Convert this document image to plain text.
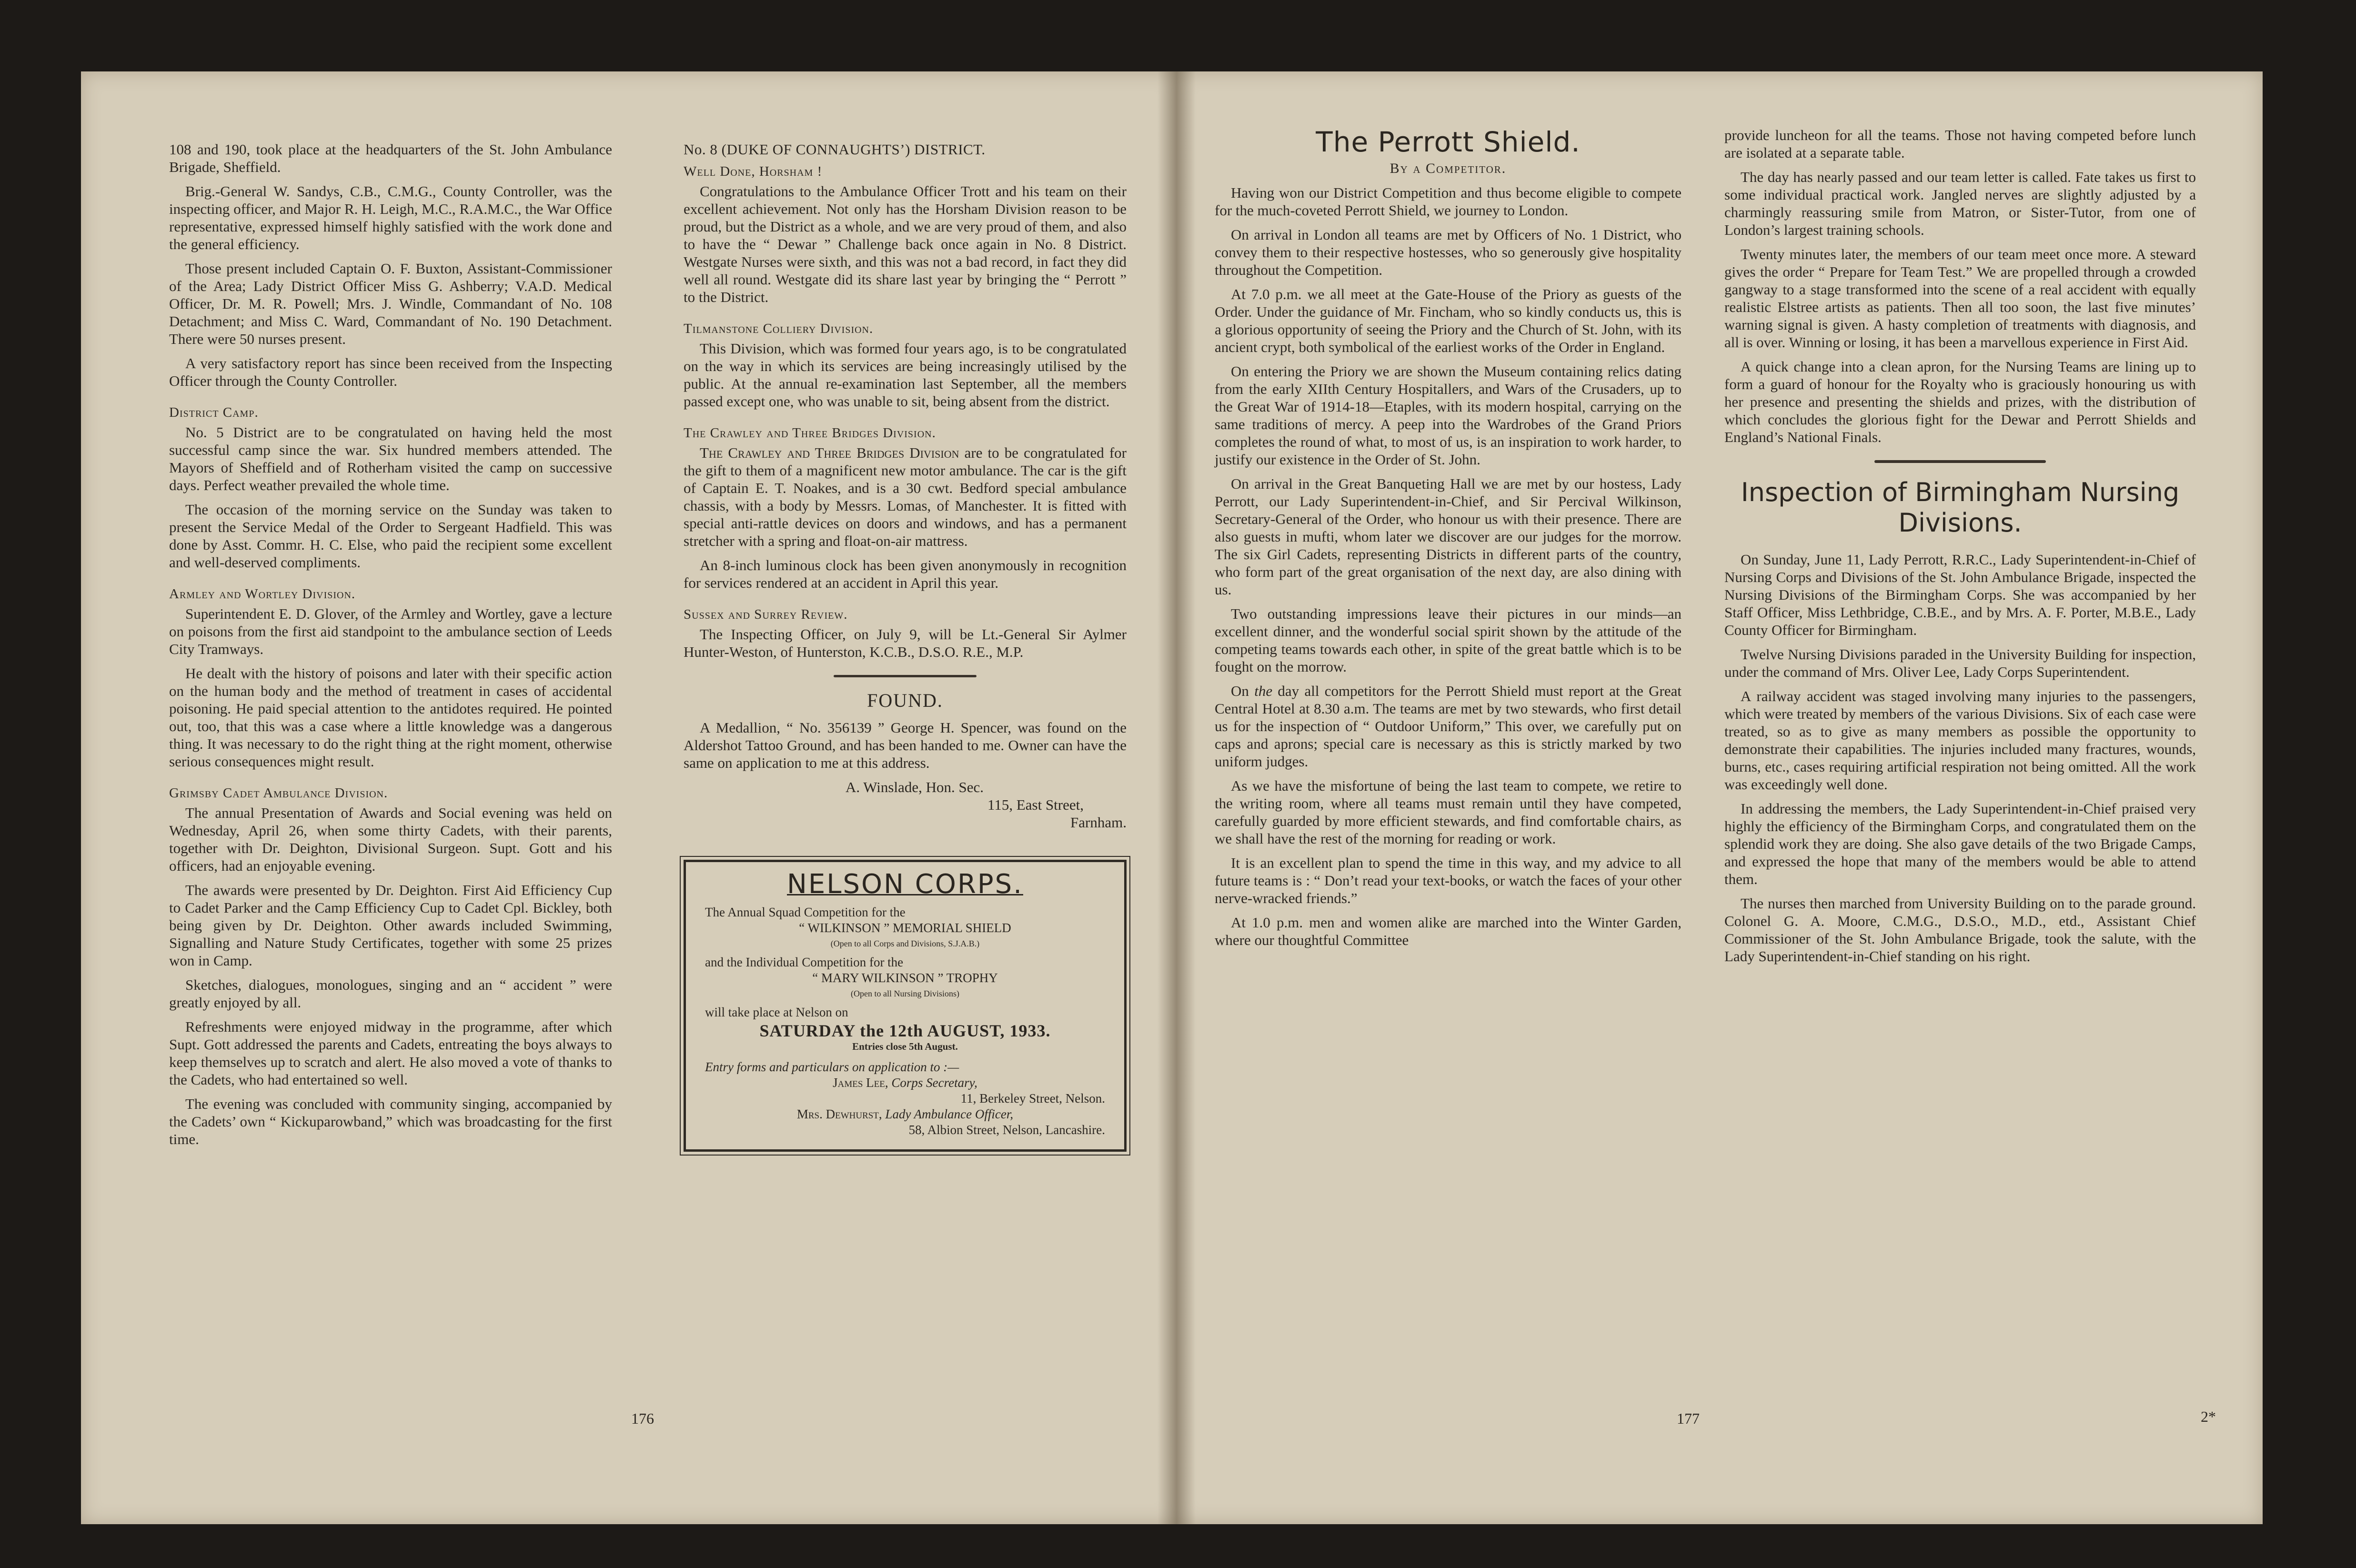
108 and 190, took place at the headquarters of the St. John Ambulance Brigade, Sheffield.

Brig.-General W. Sandys, C.B., C.M.G., County Controller, was the inspecting officer, and Major R. H. Leigh, M.C., R.A.M.C., the War Office representative, expressed himself highly satisfied with the work done and the general efficiency.

Those present included Captain O. F. Buxton, Assistant-Commissioner of the Area; Lady District Officer Miss G. Ashberry; V.A.D. Medical Officer, Dr. M. R. Powell; Mrs. J. Windle, Commandant of No. 108 Detachment; and Miss C. Ward, Commandant of No. 190 Detachment. There were 50 nurses present.

A very satisfactory report has since been received from the Inspecting Officer through the County Controller.

District Camp.

No. 5 District are to be congratulated on having held the most successful camp since the war. Six hundred members attended. The Mayors of Sheffield and of Rotherham visited the camp on successive days. Perfect weather prevailed the whole time.

The occasion of the morning service on the Sunday was taken to present the Service Medal of the Order to Sergeant Hadfield. This was done by Asst. Commr. H. C. Else, who paid the recipient some excellent and well-deserved compliments.

Armley and Wortley Division.

Superintendent E. D. Glover, of the Armley and Wortley, gave a lecture on poisons from the first aid standpoint to the ambulance section of Leeds City Tramways.

He dealt with the history of poisons and later with their specific action on the human body and the method of treatment in cases of accidental poisoning. He paid special attention to the antidotes required. He pointed out, too, that this was a case where a little knowledge was a dangerous thing. It was necessary to do the right thing at the right moment, otherwise serious consequences might result.

Grimsby Cadet Ambulance Division.

The annual Presentation of Awards and Social evening was held on Wednesday, April 26, when some thirty Cadets, with their parents, together with Dr. Deighton, Divisional Surgeon. Supt. Gott and his officers, had an enjoyable evening.

The awards were presented by Dr. Deighton. First Aid Efficiency Cup to Cadet Parker and the Camp Efficiency Cup to Cadet Cpl. Bickley, both being given by Dr. Deighton. Other awards included Swimming, Signalling and Nature Study Certificates, together with some 25 prizes won in Camp.

Sketches, dialogues, monologues, singing and an “ accident ” were greatly enjoyed by all.

Refreshments were enjoyed midway in the programme, after which Supt. Gott addressed the parents and Cadets, entreating the boys always to keep themselves up to scratch and alert. He also moved a vote of thanks to the Cadets, who had entertained so well.

The evening was concluded with community singing, accompanied by the Cadets’ own “ Kickuparowband,” which was broadcasting for the first time.

No. 8 (DUKE OF CONNAUGHTS’) DISTRICT.
Well Done, Horsham !

Congratulations to the Ambulance Officer Trott and his team on their excellent achievement. Not only has the Horsham Division reason to be proud, but the District as a whole, and we are very proud of them, and also to have the “ Dewar ” Challenge back once again in No. 8 District. Westgate Nurses were sixth, and this was not a bad record, in fact they did well all round. Westgate did its share last year by bringing the “ Perrott ” to the District.

Tilmanstone Colliery Division.

This Division, which was formed four years ago, is to be congratulated on the way in which its services are being increasingly utilised by the public. At the annual re-examination last September, all the members passed except one, who was unable to sit, being absent from the district.

The Crawley and Three Bridges Division.

The Crawley and Three Bridges Division are to be congratulated for the gift to them of a magnificent new motor ambulance. The car is the gift of Captain E. T. Noakes, and is a 30 cwt. Bedford special ambulance chassis, with a body by Messrs. Lomas, of Manchester. It is fitted with special anti-rattle devices on doors and windows, and has a permanent stretcher with a spring and float-on-air mattress.

An 8-inch luminous clock has been given anonymously in recognition for services rendered at an accident in April this year.

Sussex and Surrey Review.

The Inspecting Officer, on July 9, will be Lt.-General Sir Aylmer Hunter-Weston, of Hunterston, K.C.B., D.S.O. R.E., M.P.

FOUND.

A Medallion, “ No. 356139 ” George H. Spencer, was found on the Aldershot Tattoo Ground, and has been handed to me. Owner can have the same on application to me at this address.

A. Winslade, Hon. Sec.

115, East Street,

Farnham.

NELSON CORPS.
The Annual Squad Competition for the
“ WILKINSON ” MEMORIAL SHIELD
(Open to all Corps and Divisions, S.J.A.B.)
and the Individual Competition for the
“ MARY WILKINSON ” TROPHY
(Open to all Nursing Divisions)
will take place at Nelson on
SATURDAY the 12th AUGUST, 1933.
Entries close 5th August.
Entry forms and particulars on application to :—
James Lee, Corps Secretary,
11, Berkeley Street, Nelson.
Mrs. Dewhurst, Lady Ambulance Officer,
58, Albion Street, Nelson, Lancashire.
176
The Perrott Shield.
By a Competitor.

Having won our District Competition and thus become eligible to compete for the much-coveted Perrott Shield, we journey to London.

On arrival in London all teams are met by Officers of No. 1 District, who convey them to their respective hostesses, who so generously give hospitality throughout the Competition.

At 7.0 p.m. we all meet at the Gate-House of the Priory as guests of the Order. Under the guidance of Mr. Fincham, who so kindly conducts us, this is a glorious opportunity of seeing the Priory and the Church of St. John, with its ancient crypt, both symbolical of the earliest works of the Order in England.

On entering the Priory we are shown the Museum containing relics dating from the early XIIth Century Hospitallers, and Wars of the Crusaders, up to the Great War of 1914-18—Etaples, with its modern hospital, carrying on the same traditions of mercy. A peep into the Wardrobes of the Grand Priors completes the round of what, to most of us, is an inspiration to work harder, to justify our existence in the Order of St. John.

On arrival in the Great Banqueting Hall we are met by our hostess, Lady Perrott, our Lady Superintendent-in-Chief, and Sir Percival Wilkinson, Secretary-General of the Order, who honour us with their presence. There are also guests in mufti, whom later we discover are our judges for the morrow. The six Girl Cadets, representing Districts in different parts of the country, who form part of the great organisation of the next day, are also dining with us.

Two outstanding impressions leave their pictures in our minds—an excellent dinner, and the wonderful social spirit shown by the attitude of the competing teams towards each other, in spite of the great battle which is to be fought on the morrow.

On the day all competitors for the Perrott Shield must report at the Great Central Hotel at 8.30 a.m. The teams are met by two stewards, who first detail us for the inspection of “ Outdoor Uniform,” This over, we carefully put on caps and aprons; special care is necessary as this is strictly marked by two uniform judges.

As we have the misfortune of being the last team to compete, we retire to the writing room, where all teams must remain until they have competed, carefully guarded by more efficient stewards, and find comfortable chairs, as we shall have the rest of the morning for reading or work.

It is an excellent plan to spend the time in this way, and my advice to all future teams is : “ Don’t read your text-books, or watch the faces of your other nerve-wracked friends.”

At 1.0 p.m. men and women alike are marched into the Winter Garden, where our thoughtful Committee

provide luncheon for all the teams. Those not having competed before lunch are isolated at a separate table.

The day has nearly passed and our team letter is called. Fate takes us first to some individual practical work. Jangled nerves are slightly adjusted by a charmingly reassuring smile from Matron, or Sister-Tutor, from one of London’s largest training schools.

Twenty minutes later, the members of our team meet once more. A steward gives the order “ Prepare for Team Test.” We are propelled through a crowded gangway to a stage transformed into the scene of a real accident with equally realistic Elstree artists as patients. Then all too soon, the last five minutes’ warning signal is given. A hasty completion of treatments with diagnosis, and all is over. Winning or losing, it has been a marvellous experience in First Aid.

A quick change into a clean apron, for the Nursing Teams are lining up to form a guard of honour for the Royalty who is graciously honouring us with her presence and presenting the shields and prizes, with the distribution of which concludes the glorious fight for the Dewar and Perrott Shields and England’s National Finals.

Inspection of Birmingham Nursing Divisions.

On Sunday, June 11, Lady Perrott, R.R.C., Lady Superintendent-in-Chief of Nursing Corps and Divisions of the St. John Ambulance Brigade, inspected the Nursing Divisions of the Birmingham Corps. She was accompanied by her Staff Officer, Miss Lethbridge, C.B.E., and by Mrs. A. F. Porter, M.B.E., Lady County Officer for Birmingham.

Twelve Nursing Divisions paraded in the University Building for inspection, under the command of Mrs. Oliver Lee, Lady Corps Superintendent.

A railway accident was staged involving many injuries to the passengers, which were treated by members of the various Divisions. Six of each case were treated, so as to give as many members as possible the opportunity to demonstrate their capabilities. The injuries included many fractures, wounds, burns, etc., cases requiring artificial respiration not being omitted. All the work was exceedingly well done.

In addressing the members, the Lady Superintendent-in-Chief praised very highly the efficiency of the Birmingham Corps, and congratulated them on the splendid work they are doing. She also gave details of the two Brigade Camps, and expressed the hope that many of the members would be able to attend them.

The nurses then marched from University Building on to the parade ground. Colonel G. A. Moore, C.M.G., D.S.O., M.D., etd., Assistant Chief Commissioner of the St. John Ambulance Brigade, took the salute, with the Lady Superintendent-in-Chief standing on his right.

177	2*
